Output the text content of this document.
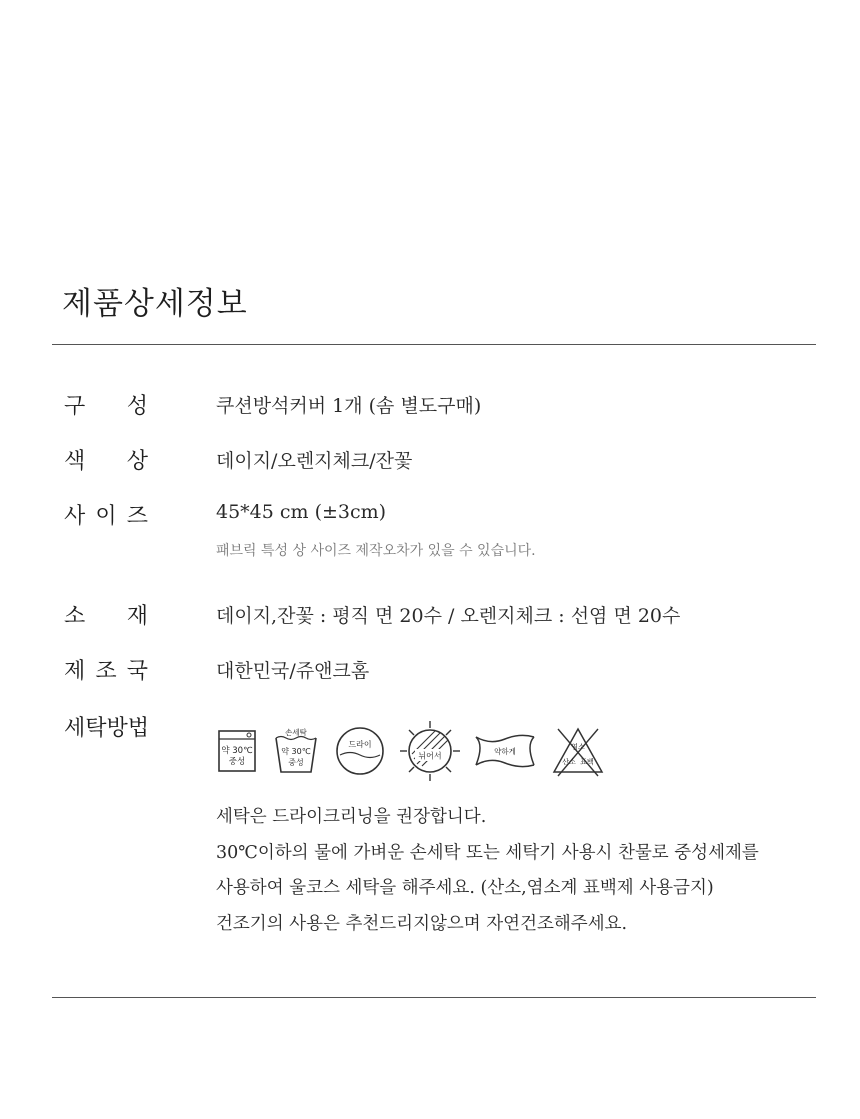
제품상세정보
구 성	쿠션방석커버 1개 (솜 별도구매)
색 상	데이지/오렌지체크/잔꽃
사 이 즈	45*45 cm (±3cm)
패브릭 특성 상 사이즈 제작오차가 있을 수 있습니다.
소 재	데이지,잔꽃 : 평직 면 20수 / 오렌지체크 : 선염 면 20수
제 조 국	대한민국/쥬앤크홈
세탁방법
약 30℃
중성
손세탁
약 30℃
중성
드라이
뉘어서	약하게	염소
산소 표백
세탁은 드라이크리닝을 권장합니다.
30℃이하의 물에 가벼운 손세탁 또는 세탁기 사용시 찬물로 중성세제를
사용하여 울코스 세탁을 해주세요. (산소,염소계 표백제 사용금지)
건조기의 사용은 추천드리지않으며 자연건조해주세요.
